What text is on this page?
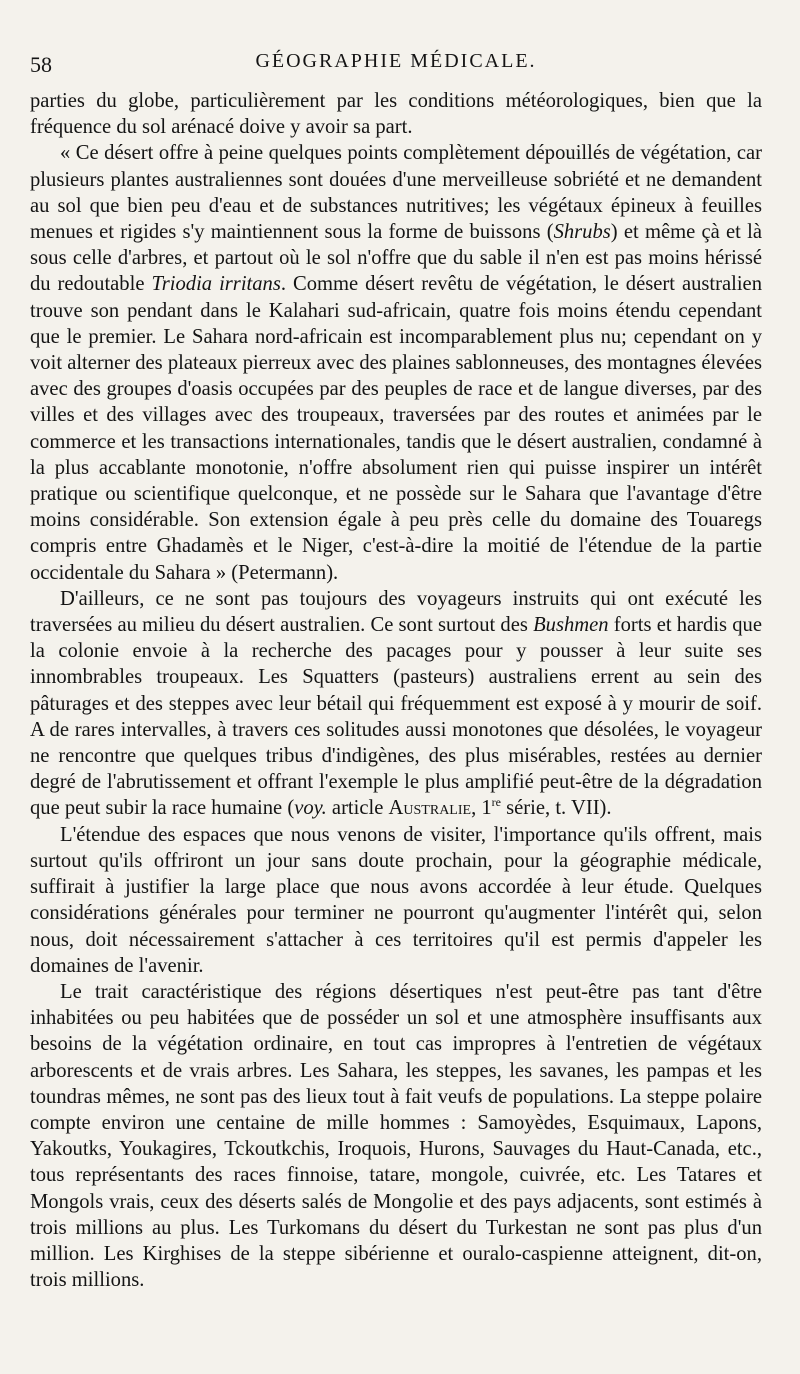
58	GÉOGRAPHIE MÉDICALE.

parties du globe, particulièrement par les conditions météorologiques, bien que la fréquence du sol arénacé doive y avoir sa part.

« Ce désert offre à peine quelques points complètement dépouillés de végétation, car plusieurs plantes australiennes sont douées d'une merveilleuse sobriété et ne demandent au sol que bien peu d'eau et de substances nutritives; les végétaux épineux à feuilles menues et rigides s'y maintiennent sous la forme de buissons (Shrubs) et même çà et là sous celle d'arbres, et partout où le sol n'offre que du sable il n'en est pas moins hérissé du redoutable Triodia irritans. Comme désert revêtu de végétation, le désert australien trouve son pendant dans le Kalahari sud-africain, quatre fois moins étendu cependant que le premier. Le Sahara nord-africain est incomparablement plus nu; cependant on y voit alterner des plateaux pierreux avec des plaines sablonneuses, des montagnes élevées avec des groupes d'oasis occupées par des peuples de race et de langue diverses, par des villes et des villages avec des troupeaux, traversées par des routes et animées par le commerce et les transactions internationales, tandis que le désert australien, condamné à la plus accablante monotonie, n'offre absolument rien qui puisse inspirer un intérêt pratique ou scientifique quelconque, et ne possède sur le Sahara que l'avantage d'être moins considérable. Son extension égale à peu près celle du domaine des Touaregs compris entre Ghadamès et le Niger, c'est-à-dire la moitié de l'étendue de la partie occidentale du Sahara » (Petermann).

D'ailleurs, ce ne sont pas toujours des voyageurs instruits qui ont exécuté les traversées au milieu du désert australien. Ce sont surtout des Bushmen forts et hardis que la colonie envoie à la recherche des pacages pour y pousser à leur suite ses innombrables troupeaux. Les Squatters (pasteurs) australiens errent au sein des pâturages et des steppes avec leur bétail qui fréquemment est exposé à y mourir de soif. A de rares intervalles, à travers ces solitudes aussi monotones que désolées, le voyageur ne rencontre que quelques tribus d'indigènes, des plus misérables, restées au dernier degré de l'abrutissement et offrant l'exemple le plus amplifié peut-être de la dégradation que peut subir la race humaine (voy. article Australie, 1re série, t. VII).

L'étendue des espaces que nous venons de visiter, l'importance qu'ils offrent, mais surtout qu'ils offriront un jour sans doute prochain, pour la géographie médicale, suffirait à justifier la large place que nous avons accordée à leur étude. Quelques considérations générales pour terminer ne pourront qu'augmenter l'intérêt qui, selon nous, doit nécessairement s'attacher à ces territoires qu'il est permis d'appeler les domaines de l'avenir.

Le trait caractéristique des régions désertiques n'est peut-être pas tant d'être inhabitées ou peu habitées que de posséder un sol et une atmosphère insuffisants aux besoins de la végétation ordinaire, en tout cas impropres à l'entretien de végétaux arborescents et de vrais arbres. Les Sahara, les steppes, les savanes, les pampas et les toundras mêmes, ne sont pas des lieux tout à fait veufs de populations. La steppe polaire compte environ une centaine de mille hommes : Samoyèdes, Esquimaux, Lapons, Yakoutks, Youkagires, Tckoutkchis, Iroquois, Hurons, Sauvages du Haut-Canada, etc., tous représentants des races finnoise, tatare, mongole, cuivrée, etc. Les Tatares et Mongols vrais, ceux des déserts salés de Mongolie et des pays adjacents, sont estimés à trois millions au plus. Les Turkomans du désert du Turkestan ne sont pas plus d'un million. Les Kirghises de la steppe sibérienne et ouralo-caspienne atteignent, dit-on, trois millions.
